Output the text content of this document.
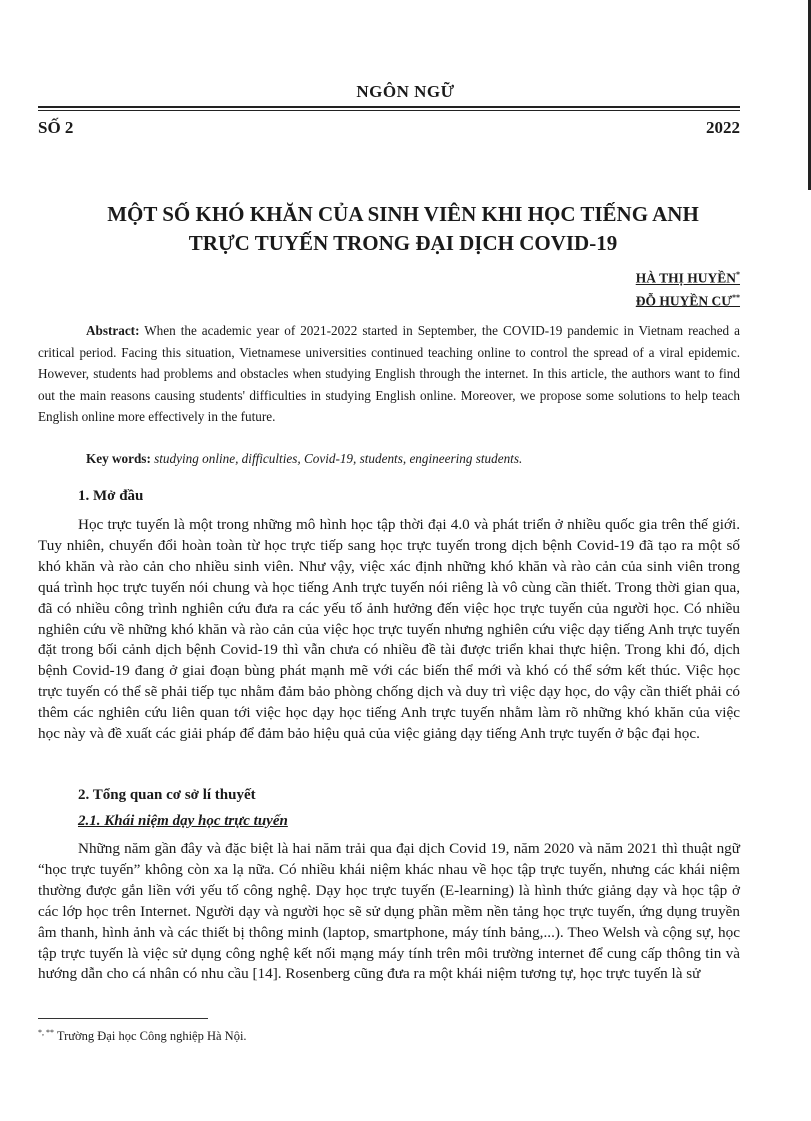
NGÔN NGỮ
SỐ 2	2022
MỘT SỐ KHÓ KHĂN CỦA SINH VIÊN KHI HỌC TIẾNG ANH
TRỰC TUYẾN TRONG ĐẠI DỊCH COVID-19
HÀ THỊ HUYỀN*
ĐỖ HUYỀN CƯ**
Abstract: When the academic year of 2021-2022 started in September, the COVID-19 pandemic in Vietnam reached a critical period. Facing this situation, Vietnamese universities continued teaching online to control the spread of a viral epidemic. However, students had problems and obstacles when studying English through the internet. In this article, the authors want to find out the main reasons causing students' difficulties in studying English online. Moreover, we propose some solutions to help teach English online more effectively in the future.
Key words: studying online, difficulties, Covid-19, students, engineering students.
1. Mở đầu
Học trực tuyến là một trong những mô hình học tập thời đại 4.0 và phát triển ở nhiều quốc gia trên thế giới. Tuy nhiên, chuyển đổi hoàn toàn từ học trực tiếp sang học trực tuyến trong dịch bệnh Covid-19 đã tạo ra một số khó khăn và rào cản cho nhiều sinh viên. Như vậy, việc xác định những khó khăn và rào cản của sinh viên trong quá trình học trực tuyến nói chung và học tiếng Anh trực tuyến nói riêng là vô cùng cần thiết. Trong thời gian qua, đã có nhiều công trình nghiên cứu đưa ra các yếu tố ảnh hưởng đến việc học trực tuyến của người học. Có nhiều nghiên cứu về những khó khăn và rào cản của việc học trực tuyến nhưng nghiên cứu việc dạy tiếng Anh trực tuyến đặt trong bối cảnh dịch bệnh Covid-19 thì vẫn chưa có nhiều đề tài được triển khai thực hiện. Trong khi đó, dịch bệnh Covid-19 đang ở giai đoạn bùng phát mạnh mẽ với các biến thể mới và khó có thể sớm kết thúc. Việc học trực tuyến có thể sẽ phải tiếp tục nhằm đảm bảo phòng chống dịch và duy trì việc dạy học, do vậy cần thiết phải có thêm các nghiên cứu liên quan tới việc học dạy học tiếng Anh trực tuyến nhằm làm rõ những khó khăn của việc học này và đề xuất các giải pháp để đảm bảo hiệu quả của việc giảng dạy tiếng Anh trực tuyến ở bậc đại học.
2. Tổng quan cơ sở lí thuyết
2.1. Khái niệm dạy học trực tuyến
Những năm gần đây và đặc biệt là hai năm trải qua đại dịch Covid 19, năm 2020 và năm 2021 thì thuật ngữ “học trực tuyến” không còn xa lạ nữa. Có nhiều khái niệm khác nhau về học tập trực tuyến, nhưng các khái niệm thường được gắn liền với yếu tố công nghệ. Dạy học trực tuyến (E-learning) là hình thức giảng dạy và học tập ở các lớp học trên Internet. Người dạy và người học sẽ sử dụng phần mềm nền tảng học trực tuyến, ứng dụng truyền âm thanh, hình ảnh và các thiết bị thông minh (laptop, smartphone, máy tính bảng,...). Theo Welsh và cộng sự, học tập trực tuyến là việc sử dụng công nghệ kết nối mạng máy tính trên môi trường internet để cung cấp thông tin và hướng dẫn cho cá nhân có nhu cầu [14]. Rosenberg cũng đưa ra một khái niệm tương tự, học trực tuyến là sử
*, ** Trường Đại học Công nghiệp Hà Nội.
